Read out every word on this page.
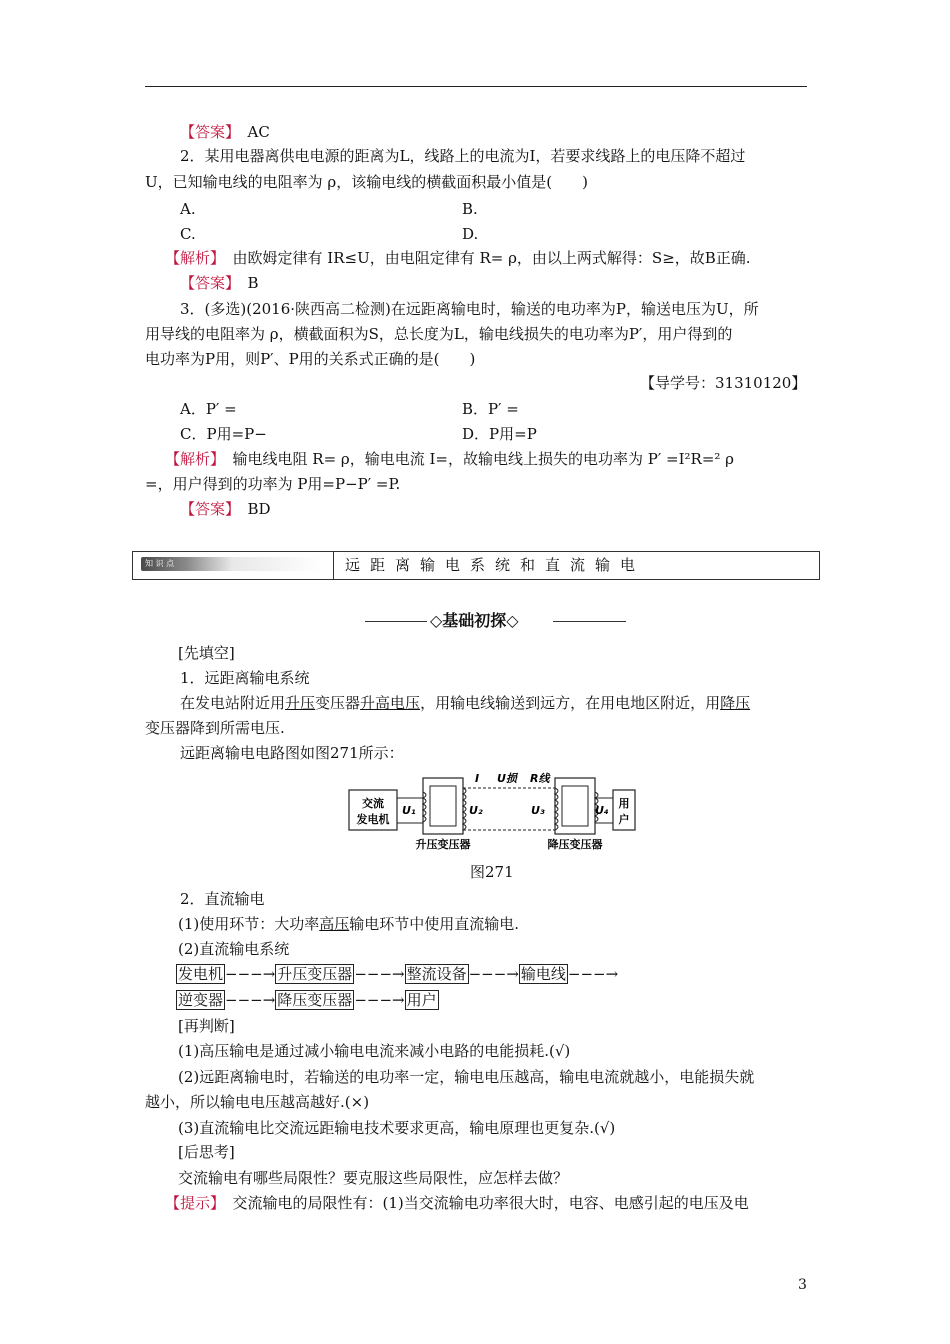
【答案】　AC
2．某用电器离供电电源的距离为L，线路上的电流为I，若要求线路上的电压降不超过
U，已知输电线的电阻率为 ρ，该输电线的横截面积最小值是(　　)
A.	B.
C.	D.
【解析】　由欧姆定律有 IR≤U，由电阻定律有 R= ρ，由以上两式解得：S≥，故B正确.
【答案】　B
3．(多选)(2016·陕西高二检测)在远距离输电时，输送的电功率为P，输送电压为U，所
用导线的电阻率为 ρ，横截面积为S，总长度为L，输电线损失的电功率为P′，用户得到的
电功率为P用，则P′、P用的关系式正确的是(　　)
【导学号：31310120】
A．P′ =	B．P′ =
C．P用=P−	D．P用=P
【解析】　输电线电阻 R= ρ，输电电流 I=，故输电线上损失的电功率为 P′ =I²R=² ρ
=，用户得到的功率为 P用=P−P′ =P.
【答案】　BD
知 识 点	远距离输电系统和直流输电
◇基础初探◇
[先填空]
1．远距离输电系统
在发电站附近用升压变压器升高电压，用输电线输送到远方，在用电地区附近，用降压
变压器降到所需电压.
远距离输电电路图如图271所示：
交流
发电机
U₁
I U损 R线
U₂	U₃	U₄
用
户
升压变压器	降压变压器
图271
2．直流输电
(1)使用环节：大功率高压输电环节中使用直流输电.
(2)直流输电系统
发电机 −−−→ 升压变压器 −−−→ 整流设备 −−−→ 输电线 −−−→
逆变器 −−−→ 降压变压器 −−−→ 用户
[再判断]
(1)高压输电是通过减小输电电流来减小电路的电能损耗.(√)
(2)远距离输电时，若输送的电功率一定，输电电压越高，输电电流就越小，电能损失就
越小，所以输电电压越高越好.(×)
(3)直流输电比交流远距输电技术要求更高，输电原理也更复杂.(√)
[后思考]
交流输电有哪些局限性？要克服这些局限性，应怎样去做？
【提示】　交流输电的局限性有：(1)当交流输电功率很大时，电容、电感引起的电压及电
3
